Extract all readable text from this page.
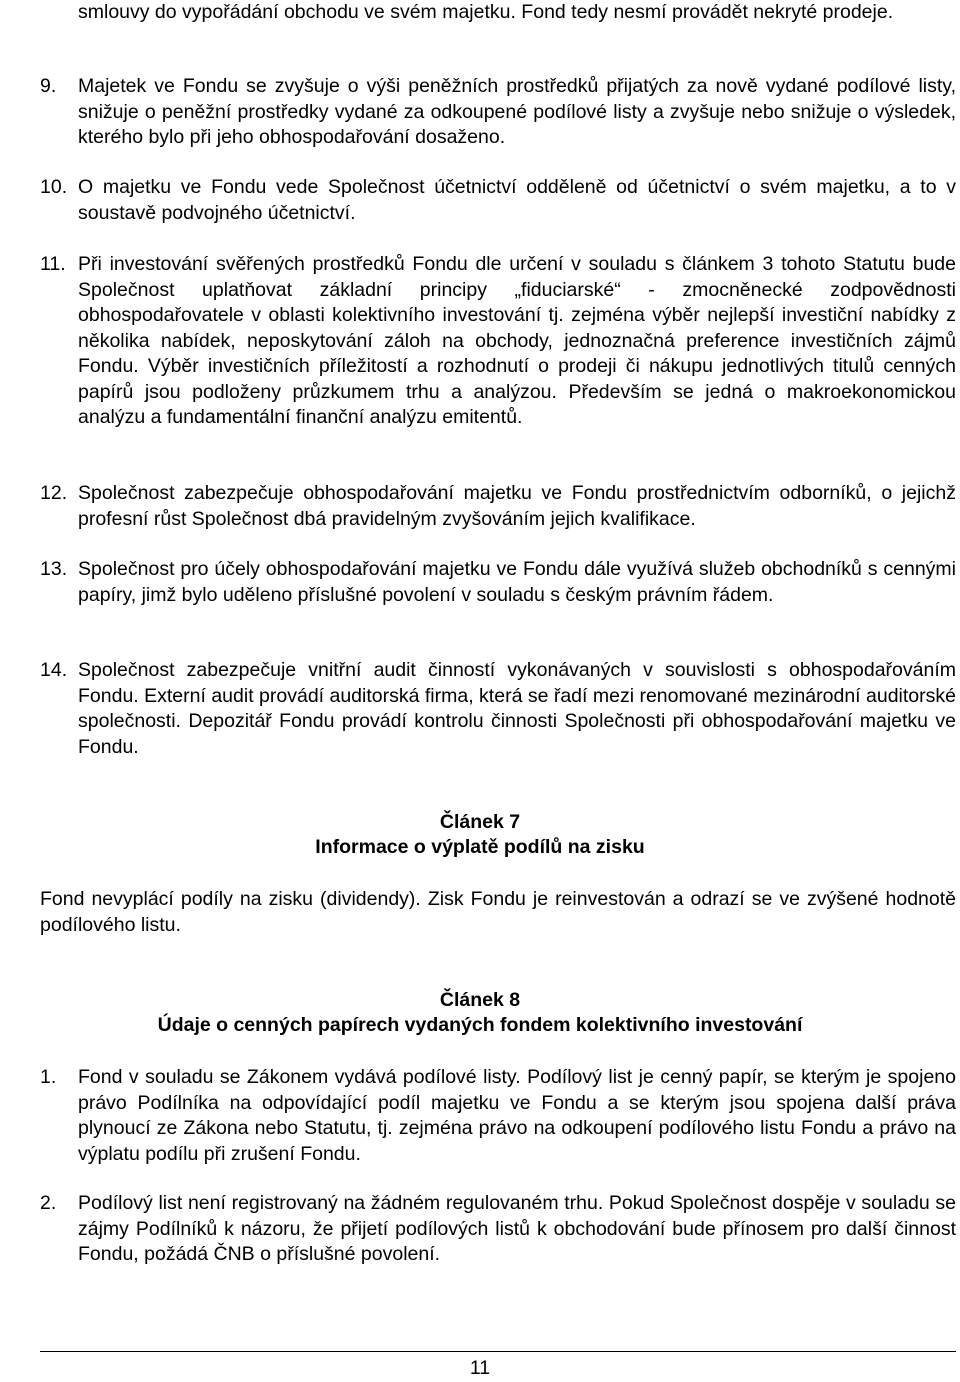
smlouvy do vypořádání obchodu ve svém majetku. Fond tedy nesmí provádět nekryté prodeje.
9.	Majetek ve Fondu se zvyšuje o výši peněžních prostředků přijatých za nově vydané podílové listy, snižuje o peněžní prostředky vydané za odkoupené podílové listy a zvyšuje nebo snižuje o výsledek, kterého bylo při jeho obhospodařování dosaženo.
10. O majetku ve Fondu vede Společnost účetnictví odděleně od účetnictví o svém majetku, a to v soustavě podvojného účetnictví.
11. Při investování svěřených prostředků Fondu dle určení v souladu s článkem 3 tohoto Statutu bude Společnost uplatňovat základní principy „fiduciarské“ - zmocněnecké zodpovědnosti obhospodařovatele v oblasti kolektivního investování tj. zejména výběr nejlepší investiční nabídky z několika nabídek, neposkytování záloh na obchody, jednoznačná preference investičních zájmů Fondu. Výběr investičních příležitostí a rozhodnutí o prodeji či nákupu jednotlivých titulů cenných papírů jsou podloženy průzkumem trhu a analýzou. Především se jedná o makroekonomickou analýzu a fundamentální finanční analýzu emitentů.
12. Společnost zabezpečuje obhospodařování majetku ve Fondu prostřednictvím odborníků, o jejichž profesní růst Společnost dbá pravidelným zvyšováním jejich kvalifikace.
13. Společnost pro účely obhospodařování majetku ve Fondu dále využívá služeb obchodníků s cennými papíry, jimž bylo uděleno příslušné povolení v souladu s českým právním řádem.
14. Společnost zabezpečuje vnitřní audit činností vykonávaných v souvislosti s obhospodařováním Fondu. Externí audit provádí auditorská firma, která se řadí mezi renomované mezinárodní auditorské společnosti. Depozitář Fondu provádí kontrolu činnosti Společnosti při obhospodařování majetku ve Fondu.
Článek 7
Informace o výplatě podílů na zisku
Fond nevyplácí podíly na zisku (dividendy). Zisk Fondu je reinvestován a odrazí se ve zvýšené hodnotě podílového listu.
Článek 8
Údaje o cenných papírech vydaných fondem kolektivního investování
1.	Fond v souladu se Zákonem vydává podílové listy. Podílový list je cenný papír, se kterým je spojeno právo Podílníka na odpovídající podíl majetku ve Fondu a se kterým jsou spojena další práva plynoucí ze Zákona nebo Statutu, tj. zejména právo na odkoupení podílového listu Fondu a právo na výplatu podílu při zrušení Fondu.
2.	Podílový list není registrovaný na žádném regulovaném trhu. Pokud Společnost dospěje v souladu se zájmy Podílníků k názoru, že přijetí podílových listů k obchodování bude přínosem pro další činnost Fondu, požádá ČNB o příslušné povolení.
11
